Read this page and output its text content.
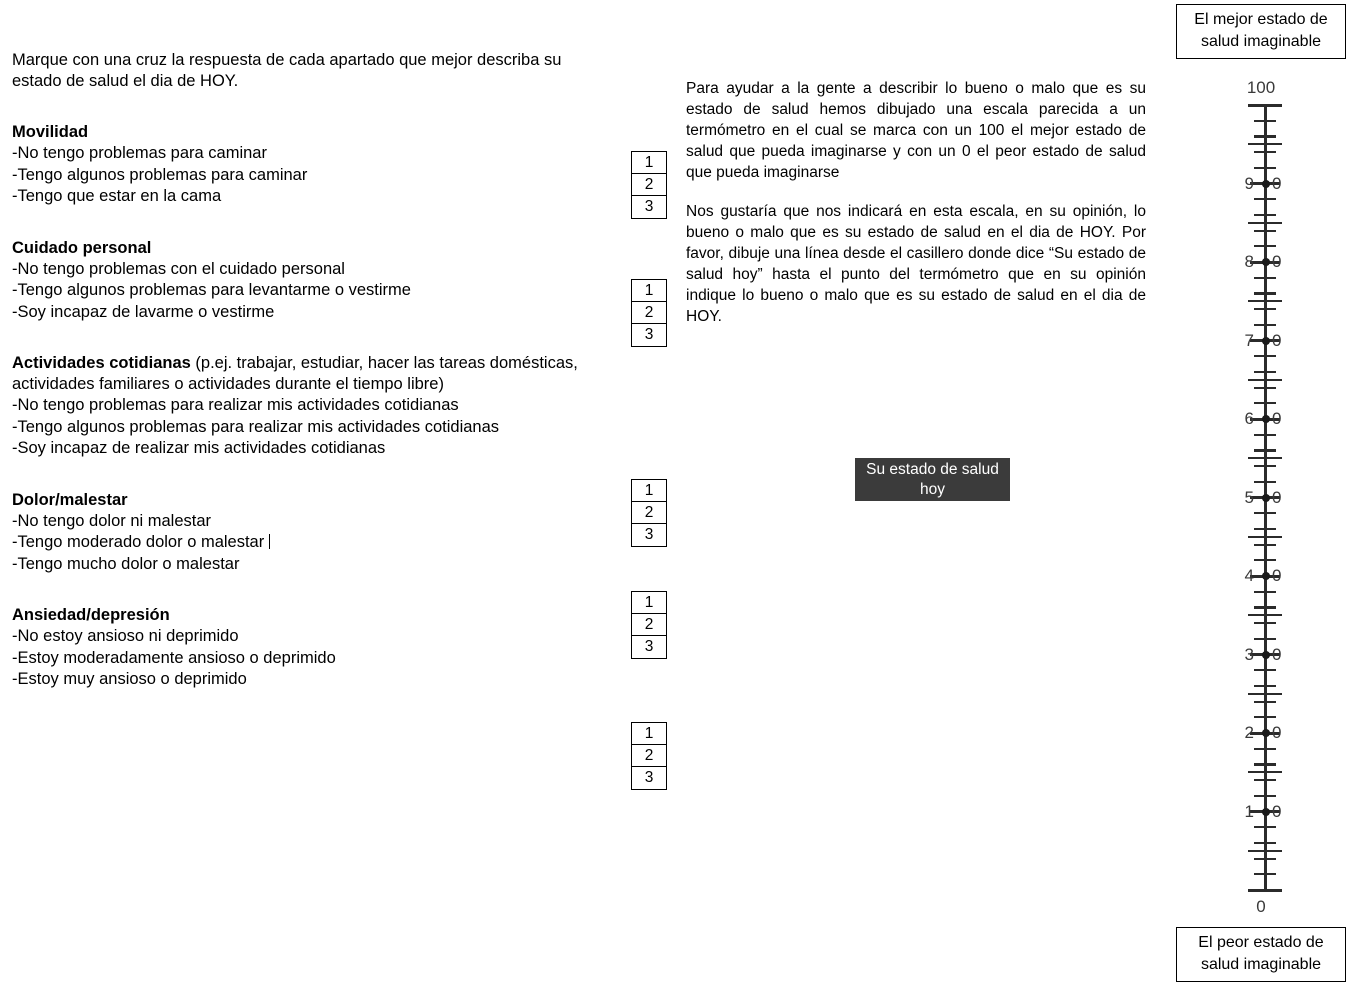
Marque con una cruz la respuesta de cada apartado que mejor describa su estado de salud el dia de HOY.

Movilidad

-No tengo problemas para caminar

-Tengo algunos problemas para caminar

-Tengo que estar en la cama

Cuidado personal

-No tengo problemas con el cuidado personal

-Tengo algunos problemas para levantarme o vestirme

-Soy incapaz de lavarme o vestirme

Actividades cotidianas (p.ej. trabajar, estudiar, hacer las tareas domésticas, actividades familiares o actividades durante el tiempo libre)

-No tengo problemas para realizar mis actividades cotidianas

-Tengo algunos problemas para realizar mis actividades cotidianas

-Soy incapaz de realizar mis actividades cotidianas

Dolor/malestar

-No tengo dolor ni malestar

-Tengo moderado dolor o malestar

-Tengo mucho dolor o malestar

Ansiedad/depresión

-No estoy ansioso ni deprimido

-Estoy moderadamente ansioso o deprimido

-Estoy muy ansioso o deprimido

1
2
3
1
2
3
1
2
3
1
2
3
1
2
3

Para ayudar a la gente a describir lo bueno o malo que es su estado de salud hemos dibujado una escala parecida a un termómetro en el cual se marca con un 100 el mejor estado de salud que pueda imaginarse y con un 0 el peor estado de salud que pueda imaginarse

Nos gustaría que nos indicará en esta escala, en su opinión, lo bueno o malo que es su estado de salud en el dia de HOY. Por favor, dibuje una línea desde el casillero donde dice “Su estado de salud hoy” hasta el punto del termómetro que en su opinión indique lo bueno o malo que es su estado de salud en el dia de HOY.

Su estado de salud hoy
El mejor estado de salud imaginable
9 0
8 0
7 0
6 0
5 0
4 0
3 0
2 0
1 0
100
0
El peor estado de salud imaginable
